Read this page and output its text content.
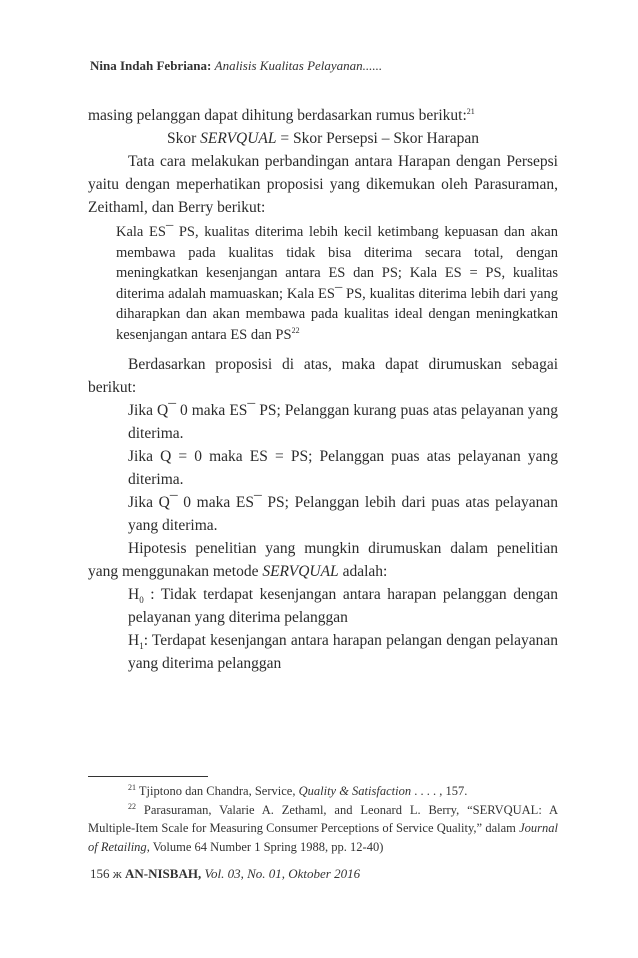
Nina Indah Febriana: Analisis Kualitas Pelayanan......

masing pelanggan dapat dihitung berdasarkan rumus berikut:$^{21}$

Skor SERVQUAL = Skor Persepsi – Skor Harapan

Tata cara melakukan perbandingan antara Harapan dengan Persepsi yaitu dengan meperhatikan proposisi yang dikemukan oleh Parasuraman, Zeithaml, dan Berry berikut:

Kala ES¯ PS, kualitas diterima lebih kecil ketimbang kepuasan dan akan membawa pada kualitas tidak bisa diterima secara total, dengan meningkatkan kesenjangan antara ES dan PS; Kala ES = PS, kualitas diterima adalah mamuaskan; Kala ES¯ PS, kualitas diterima lebih dari yang diharapkan dan akan membawa pada kualitas ideal dengan meningkatkan kesenjangan antara ES dan PS$^{22}$

Berdasarkan proposisi di atas, maka dapat dirumuskan sebagai berikut:

Jika Q¯ 0 maka ES¯ PS; Pelanggan kurang puas atas pelayanan yang diterima.

Jika Q = 0 maka ES = PS; Pelanggan puas atas pelayanan yang diterima.

Jika Q¯ 0 maka ES¯ PS; Pelanggan lebih dari puas atas pelayanan yang diterima.

Hipotesis penelitian yang mungkin dirumuskan dalam penelitian yang menggunakan metode SERVQUAL adalah:

$H_0$ : Tidak terdapat kesenjangan antara harapan pelanggan dengan pelayanan yang diterima pelanggan

$H_1$: Terdapat kesenjangan antara harapan pelangan dengan pelayanan yang diterima pelanggan

$^{21}$ Tjiptono dan Chandra, Service, Quality & Satisfaction . . . . , 157.

$^{22}$ Parasuraman, Valarie A. Zethaml, and Leonard L. Berry, “SERVQUAL: A Multiple-Item Scale for Measuring Consumer Perceptions of Service Quality,” dalam Journal of Retailing, Volume 64 Number 1 Spring 1988, pp. 12-40)

156 ж AN-NISBAH, Vol. 03, No. 01, Oktober 2016
